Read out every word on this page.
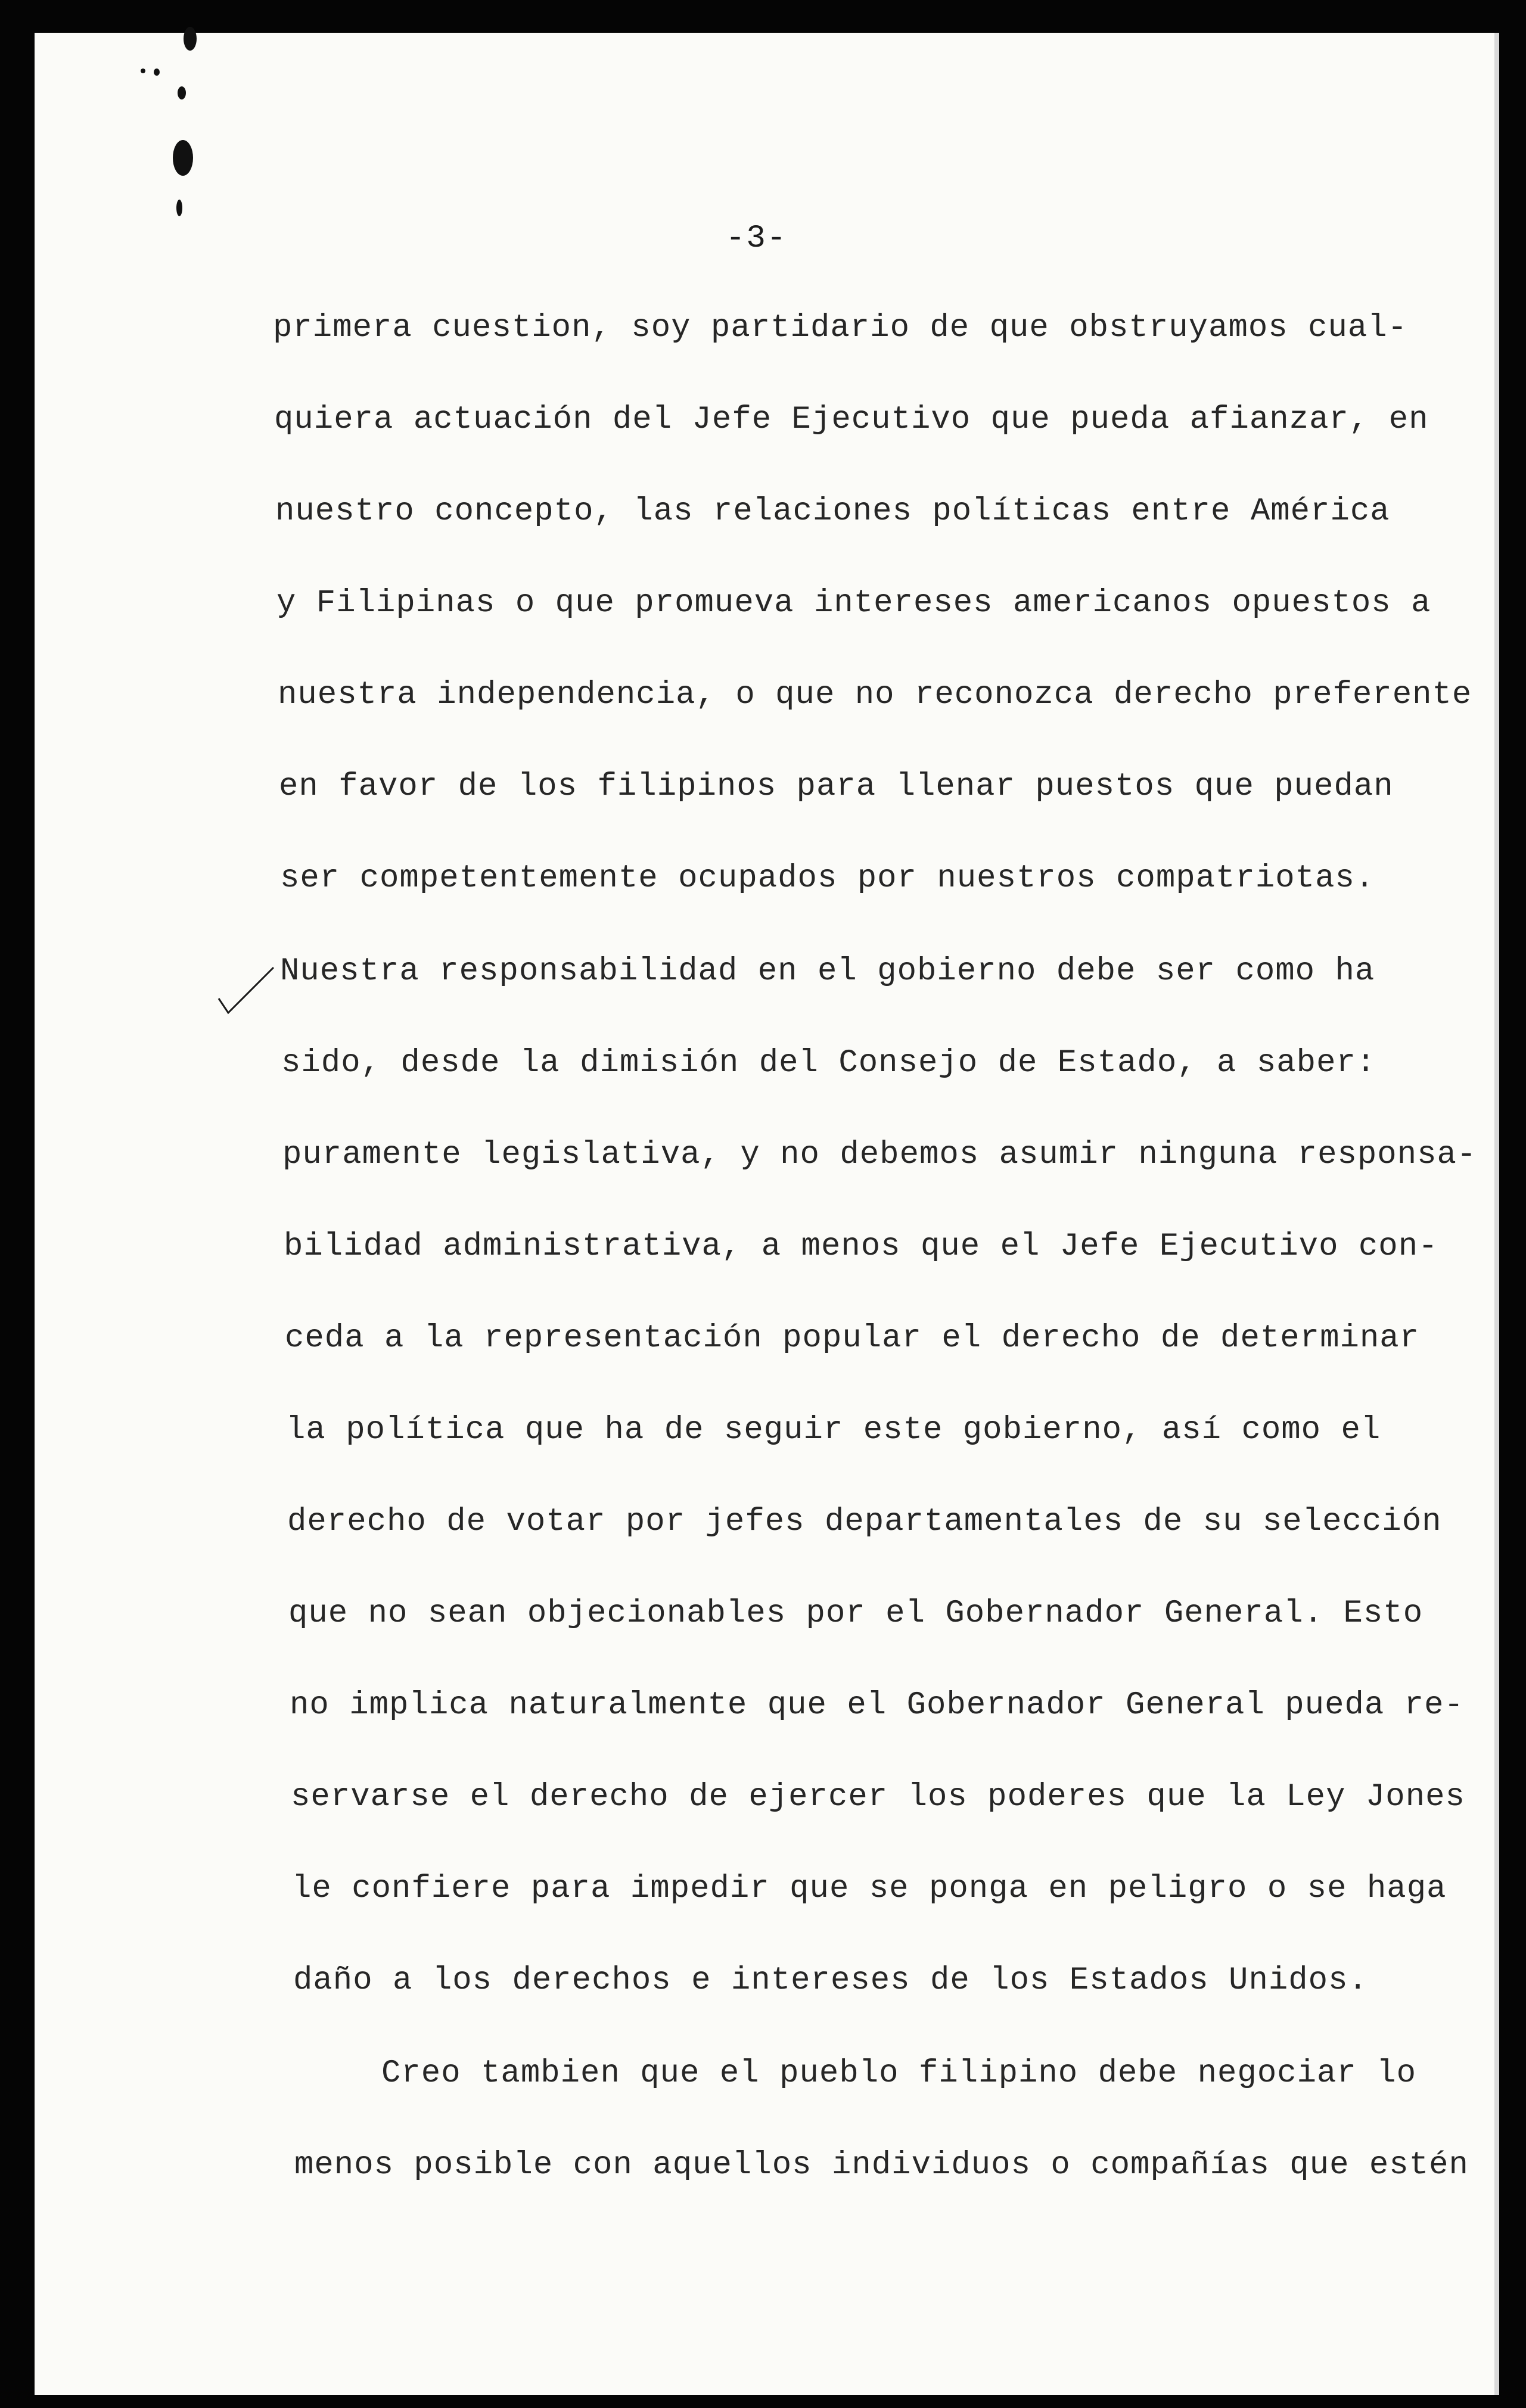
-3-
primera cuestion, soy partidario de que obstruyamos cual-
quiera actuación del Jefe Ejecutivo que pueda afianzar, en
nuestro concepto, las relaciones políticas entre América
y Filipinas o que promueva intereses americanos opuestos a
nuestra independencia, o que no reconozca derecho preferente
en favor de los filipinos para llenar puestos que puedan
ser competentemente ocupados por nuestros compatriotas.
Nuestra responsabilidad en el gobierno debe ser como ha
sido, desde la dimisión del Consejo de Estado, a saber:
puramente legislativa, y no debemos asumir ninguna responsa-
bilidad administrativa, a menos que el Jefe Ejecutivo con-
ceda a la representación popular el derecho de determinar
la política que ha de seguir este gobierno, así como el
derecho de votar por jefes departamentales de su selección
que no sean objecionables por el Gobernador General. Esto
no implica naturalmente que el Gobernador General pueda re-
servarse el derecho de ejercer los poderes que la Ley Jones
le confiere para impedir que se ponga en peligro o se haga
daño a los derechos e intereses de los Estados Unidos.
Creo tambien que el pueblo filipino debe negociar lo
menos posible con aquellos individuos o compañías que estén
